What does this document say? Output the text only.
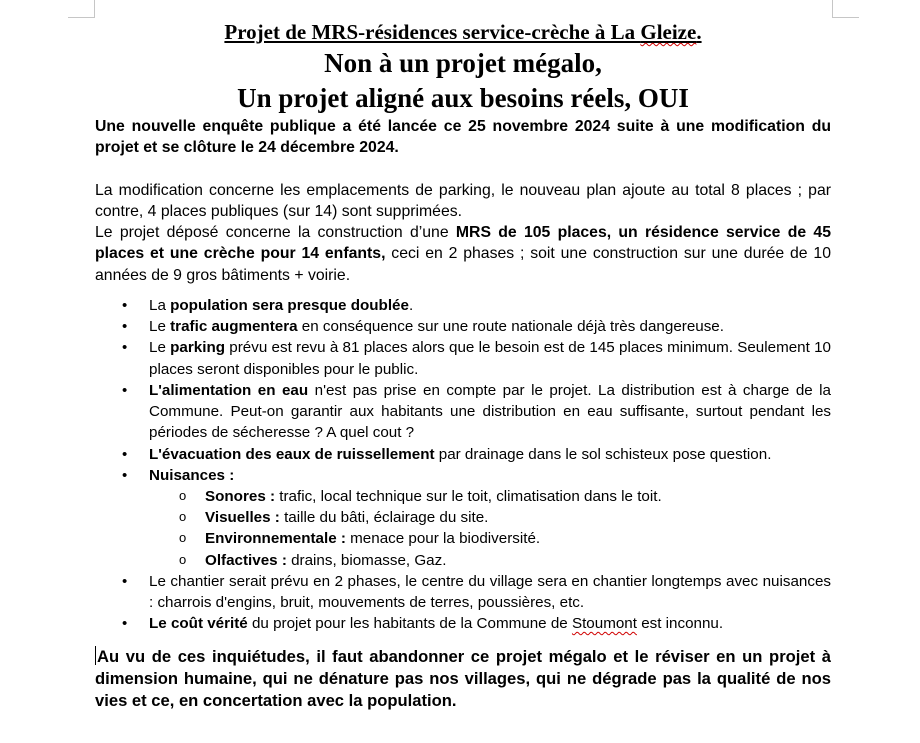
Projet de MRS-résidences service-crèche à La Gleize.

Non à un projet mégalo,

Un projet aligné aux besoins réels, OUI

Une nouvelle enquête publique a été lancée ce 25 novembre 2024 suite à une modification du projet et se clôture le 24 décembre 2024.

La modification concerne les emplacements de parking, le nouveau plan ajoute au total 8 places ; par contre, 4 places publiques (sur 14) sont supprimées.

Le projet déposé concerne la construction d’une MRS de 105 places, un résidence service de 45 places et une crèche pour 14 enfants, ceci en 2 phases ; soit une construction sur une durée de 10 années de 9 gros bâtiments + voirie.

• La population sera presque doublée.
• Le trafic augmentera en conséquence sur une route nationale déjà très dangereuse.
• Le parking prévu est revu à 81 places alors que le besoin est de 145 places minimum. Seulement 10 places seront disponibles pour le public.
• L'alimentation en eau n'est pas prise en compte par le projet. La distribution est à charge de la Commune. Peut-on garantir aux habitants une distribution en eau suffisante, surtout pendant les périodes de sécheresse ? A quel cout ?
• L'évacuation des eaux de ruissellement par drainage dans le sol schisteux pose question.
• Nuisances :
o Sonores : trafic, local technique sur le toit, climatisation dans le toit.
o Visuelles : taille du bâti, éclairage du site.
o Environnementale : menace pour la biodiversité.
o Olfactives : drains, biomasse, Gaz.
• Le chantier serait prévu en 2 phases, le centre du village sera en chantier longtemps avec nuisances : charrois d'engins, bruit, mouvements de terres, poussières, etc.
• Le coût vérité du projet pour les habitants de la Commune de Stoumont est inconnu.

Au vu de ces inquiétudes, il faut abandonner ce projet mégalo et le réviser en un projet à dimension humaine, qui ne dénature pas nos villages, qui ne dégrade pas la qualité de nos vies et ce, en concertation avec la population.
